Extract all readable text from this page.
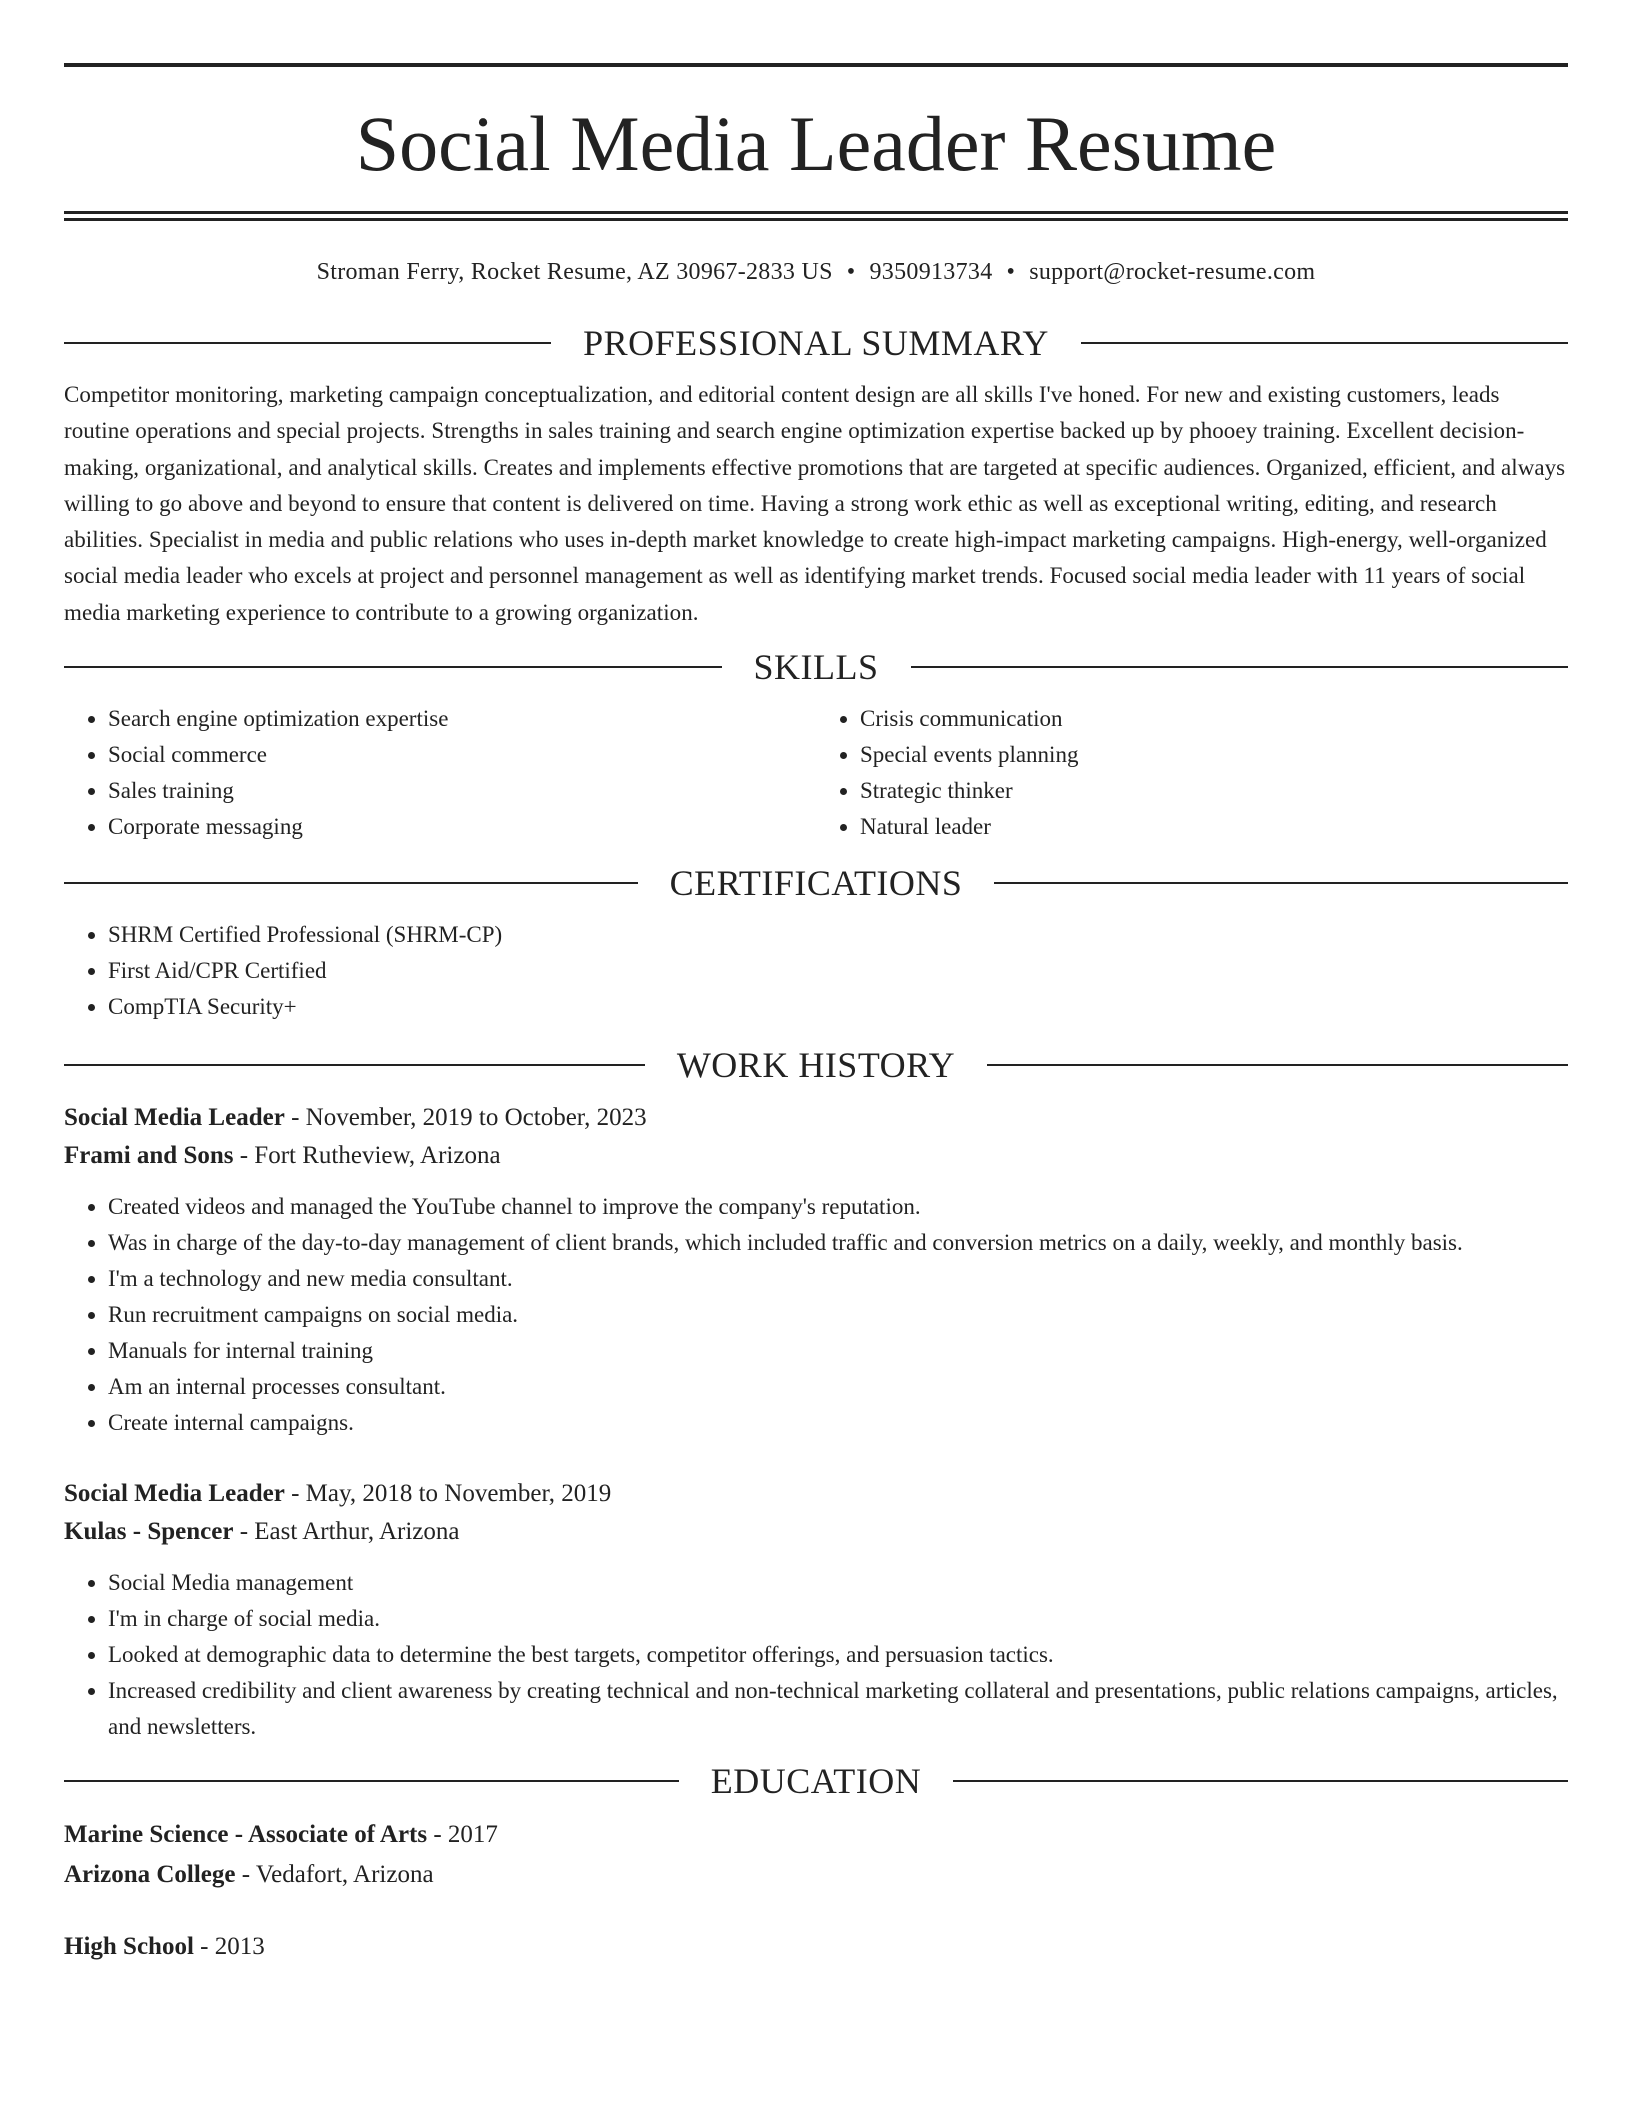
Social Media Leader Resume
Stroman Ferry, Rocket Resume, AZ 30967-2833 US • 9350913734 • support@rocket-resume.com
PROFESSIONAL SUMMARY

Competitor monitoring, marketing campaign conceptualization, and editorial content design are all skills I've honed. For new and existing customers, leads routine operations and special projects. Strengths in sales training and search engine optimization expertise backed up by phooey training. Excellent decision-making, organizational, and analytical skills. Creates and implements effective promotions that are targeted at specific audiences. Organized, efficient, and always willing to go above and beyond to ensure that content is delivered on time. Having a strong work ethic as well as exceptional writing, editing, and research abilities. Specialist in media and public relations who uses in-depth market knowledge to create high-impact marketing campaigns. High-energy, well-organized social media leader who excels at project and personnel management as well as identifying market trends. Focused social media leader with 11 years of social media marketing experience to contribute to a growing organization.

SKILLS
• Search engine optimization expertise
• Social commerce
• Sales training
• Corporate messaging
• Crisis communication
• Special events planning
• Strategic thinker
• Natural leader
CERTIFICATIONS
• SHRM Certified Professional (SHRM-CP)
• First Aid/CPR Certified
• CompTIA Security+
WORK HISTORY
Social Media Leader - November, 2019 to October, 2023
Frami and Sons - Fort Rutheview, Arizona
• Created videos and managed the YouTube channel to improve the company's reputation.
• Was in charge of the day-to-day management of client brands, which included traffic and conversion metrics on a daily, weekly, and monthly basis.
• I'm a technology and new media consultant.
• Run recruitment campaigns on social media.
• Manuals for internal training
• Am an internal processes consultant.
• Create internal campaigns.
Social Media Leader - May, 2018 to November, 2019
Kulas - Spencer - East Arthur, Arizona
• Social Media management
• I'm in charge of social media.
• Looked at demographic data to determine the best targets, competitor offerings, and persuasion tactics.
• Increased credibility and client awareness by creating technical and non-technical marketing collateral and presentations, public relations campaigns, articles, and newsletters.
EDUCATION
Marine Science - Associate of Arts - 2017
Arizona College - Vedafort, Arizona
High School - 2013
